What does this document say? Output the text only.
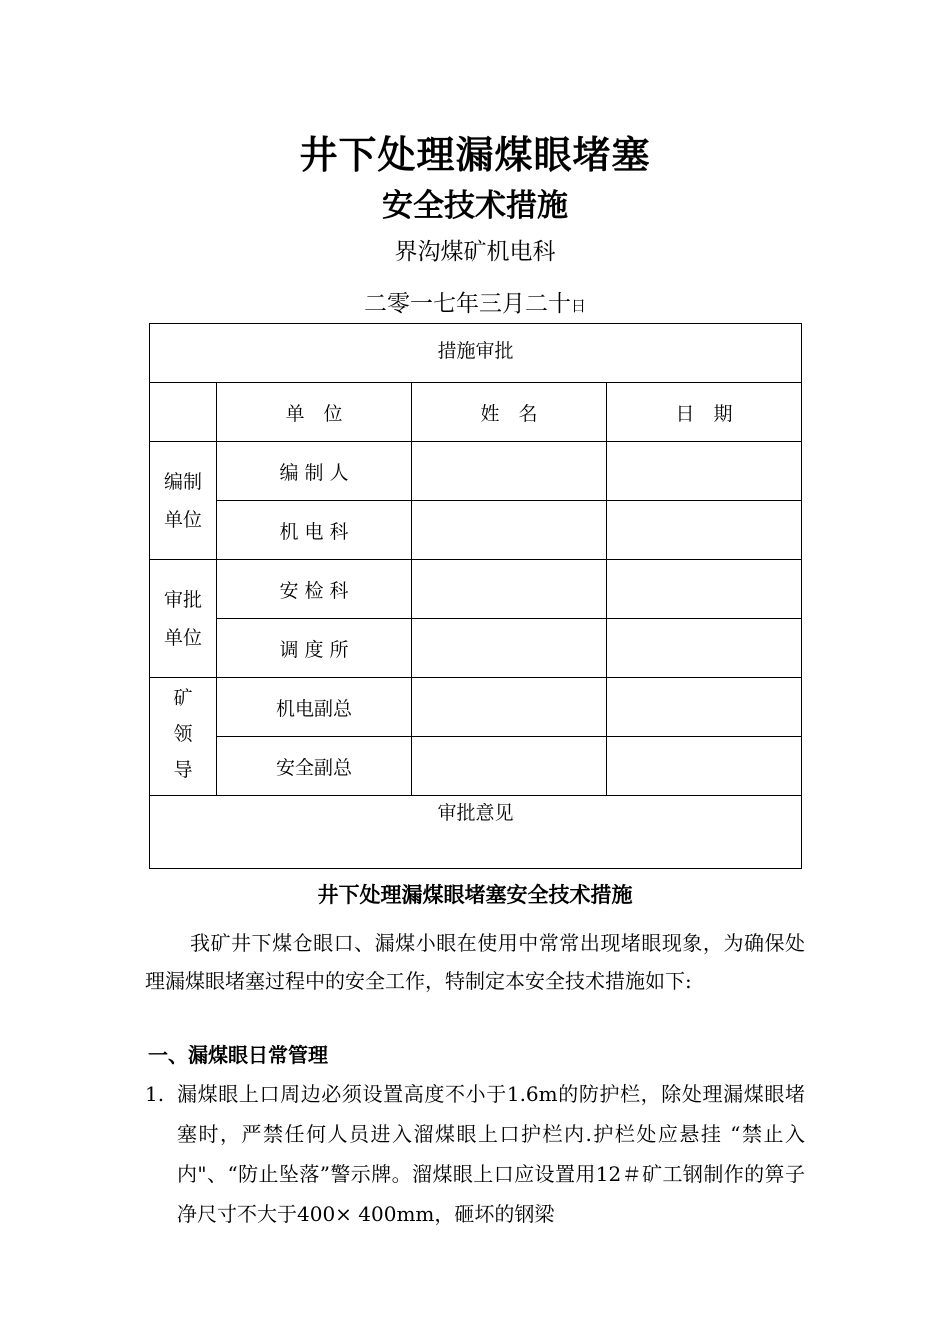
井下处理漏煤眼堵塞
安全技术措施
界沟煤矿机电科
二零一七年三月二十日
措施审批			
	单　位	姓　名	日　期

编制单位	编 制 人		
	机 电 科		

审批单位	安 检 科		
	调 度 所		

矿领导	机电副总		
	安全副总		
审批意见			
井下处理漏煤眼堵塞安全技术措施
我矿井下煤仓眼口、漏煤小眼在使用中常常出现堵眼现象，为确保处理漏煤眼堵塞过程中的安全工作，特制定本安全技术措施如下:
一、漏煤眼日常管理
1. 漏煤眼上口周边必须设置高度不小于1.6m的防护栏，除处理漏煤眼堵塞时，严禁任何人员进入溜煤眼上口护栏内.护栏处应悬挂 “禁止入内"、“防止坠落”警示牌。溜煤眼上口应设置用12＃矿工钢制作的箅子净尺寸不大于400× 400mm，砸坏的钢梁
